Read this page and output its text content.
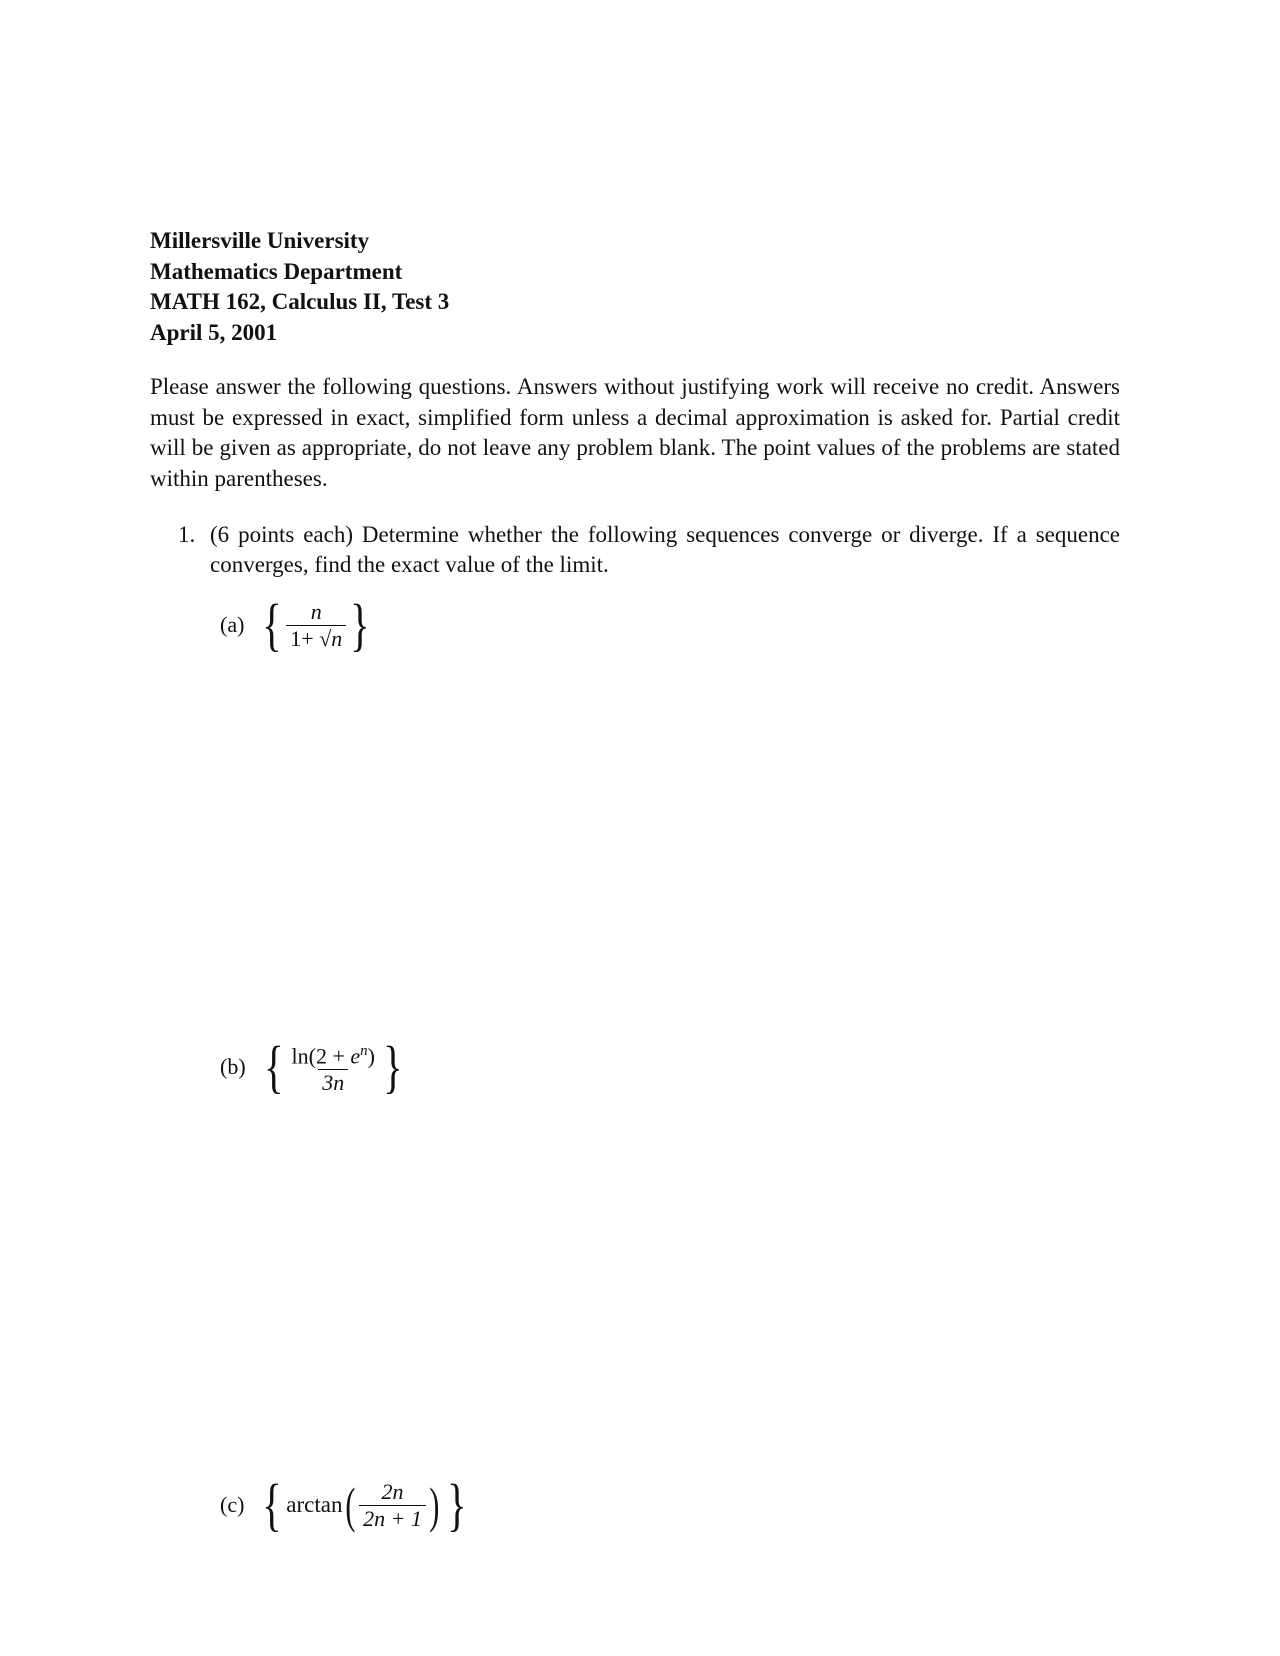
Millersville University
Mathematics Department
MATH 162, Calculus II, Test 3
April 5, 2001
Please answer the following questions. Answers without justifying work will receive no credit. Answers must be expressed in exact, simplified form unless a decimal approximation is asked for. Partial credit will be given as appropriate, do not leave any problem blank. The point values of the problems are stated within parentheses.
1. (6 points each) Determine whether the following sequences converge or diverge. If a sequence converges, find the exact value of the limit.
(a) { $\frac{n}{1+ √n}$ }
(b) { $\frac{\ln(2 + e^n)}{3n}$ }
(c) { arctan ( $\frac{2n}{2n + 1}$ ) }
